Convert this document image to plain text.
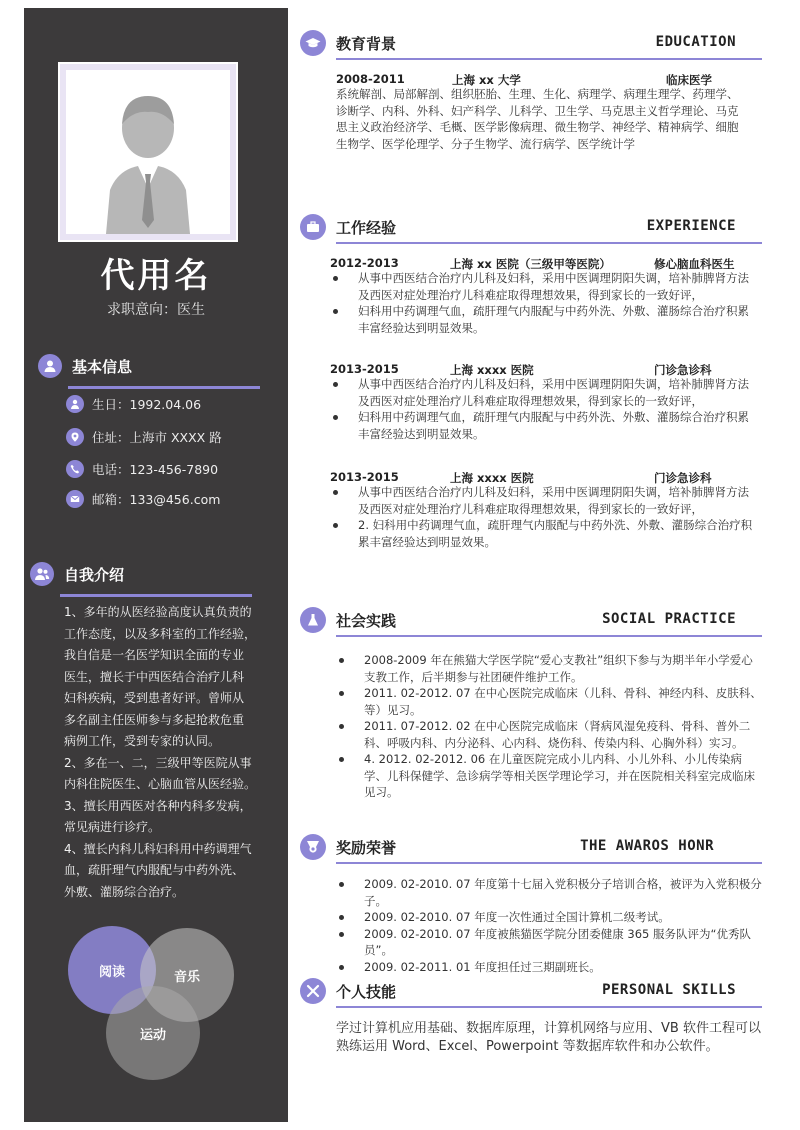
代用名
求职意向：医生
基本信息
生日：1992.04.06
住址：上海市 XXXX 路
电话：123-456-7890
邮箱：133@456.com
自我介绍
1、多年的从医经验高度认真负责的
工作态度，以及多科室的工作经验，
我自信是一名医学知识全面的专业
医生，擅长于中西医结合治疗儿科
妇科疾病，受到患者好评。曾师从
多名副主任医师参与多起抢救危重
病例工作，受到专家的认同。
2、多在一、二，三级甲等医院从事
内科住院医生、心脑血管从医经验。
3、擅长用西医对各种内科多发病，
常见病进行诊疗。
4、擅长内科儿科妇科用中药调理气
血，疏肝理气内服配与中药外洗、
外敷、灌肠综合治疗。
阅读	音乐
运动
教育背景	EDUCATION
2008-2011	上海 xx 大学	临床医学
系统解剖、局部解剖、组织胚胎、生理、生化、病理学、病理生理学、药理学、
诊断学、内科、外科、妇产科学、儿科学、卫生学、马克思主义哲学理论、马克
思主义政治经济学、毛概、医学影像病理、微生物学、神经学、精神病学、细胞
生物学、医学伦理学、分子生物学、流行病学、医学统计学
工作经验	EXPERIENCE
2012-2013	上海 xx 医院（三级甲等医院）	修心脑血科医生
从事中西医结合治疗内儿科及妇科，采用中医调理阴阳失调，培补肺脾肾方法及西医对症处理治疗儿科难症取得理想效果，得到家长的一致好评，
妇科用中药调理气血，疏肝理气内服配与中药外洗、外敷、灌肠综合治疗积累丰富经验达到明显效果。
2013-2015	上海 xxxx 医院	门诊急诊科
从事中西医结合治疗内儿科及妇科，采用中医调理阴阳失调，培补肺脾肾方法及西医对症处理治疗儿科难症取得理想效果，得到家长的一致好评，
妇科用中药调理气血，疏肝理气内服配与中药外洗、外敷、灌肠综合治疗积累丰富经验达到明显效果。
2013-2015	上海 xxxx 医院	门诊急诊科
从事中西医结合治疗内儿科及妇科，采用中医调理阴阳失调，培补肺脾肾方法及西医对症处理治疗儿科难症取得理想效果，得到家长的一致好评，
2. 妇科用中药调理气血，疏肝理气内服配与中药外洗、外敷、灌肠综合治疗积累丰富经验达到明显效果。
社会实践	SOCIAL PRACTICE
2008-2009 年在熊猫大学医学院“爱心支教社”组织下参与为期半年小学爱心支教工作，后半期参与社团硬件维护工作。
2011. 02-2012. 07 在中心医院完成临床（儿科、骨科、神经内科、皮肤科、等）见习。
2011. 07-2012. 02 在中心医院完成临床（肾病风湿免疫科、骨科、普外二科、呼吸内科、内分泌科、心内科、烧伤科、传染内科、心胸外科）实习。
4. 2012. 02-2012. 06 在儿童医院完成小儿内科、小儿外科、小儿传染病学、儿科保健学、急诊病学等相关医学理论学习，并在医院相关科室完成临床见习。
奖励荣誉	THE AWAROS HONR
2009. 02-2010. 07 年度第十七届入党积极分子培训合格，被评为入党积极分子。
2009. 02-2010. 07 年度一次性通过全国计算机二级考试。
2009. 02-2010. 07 年度被熊猫医学院分团委健康 365 服务队评为“优秀队员”。
2009. 02-2011. 01 年度担任过三期副班长。
个人技能	PERSONAL SKILLS
学过计算机应用基础、数据库原理，计算机网络与应用、VB 软件工程可以熟练运用 Word、Excel、Powerpoint 等数据库软件和办公软件。
